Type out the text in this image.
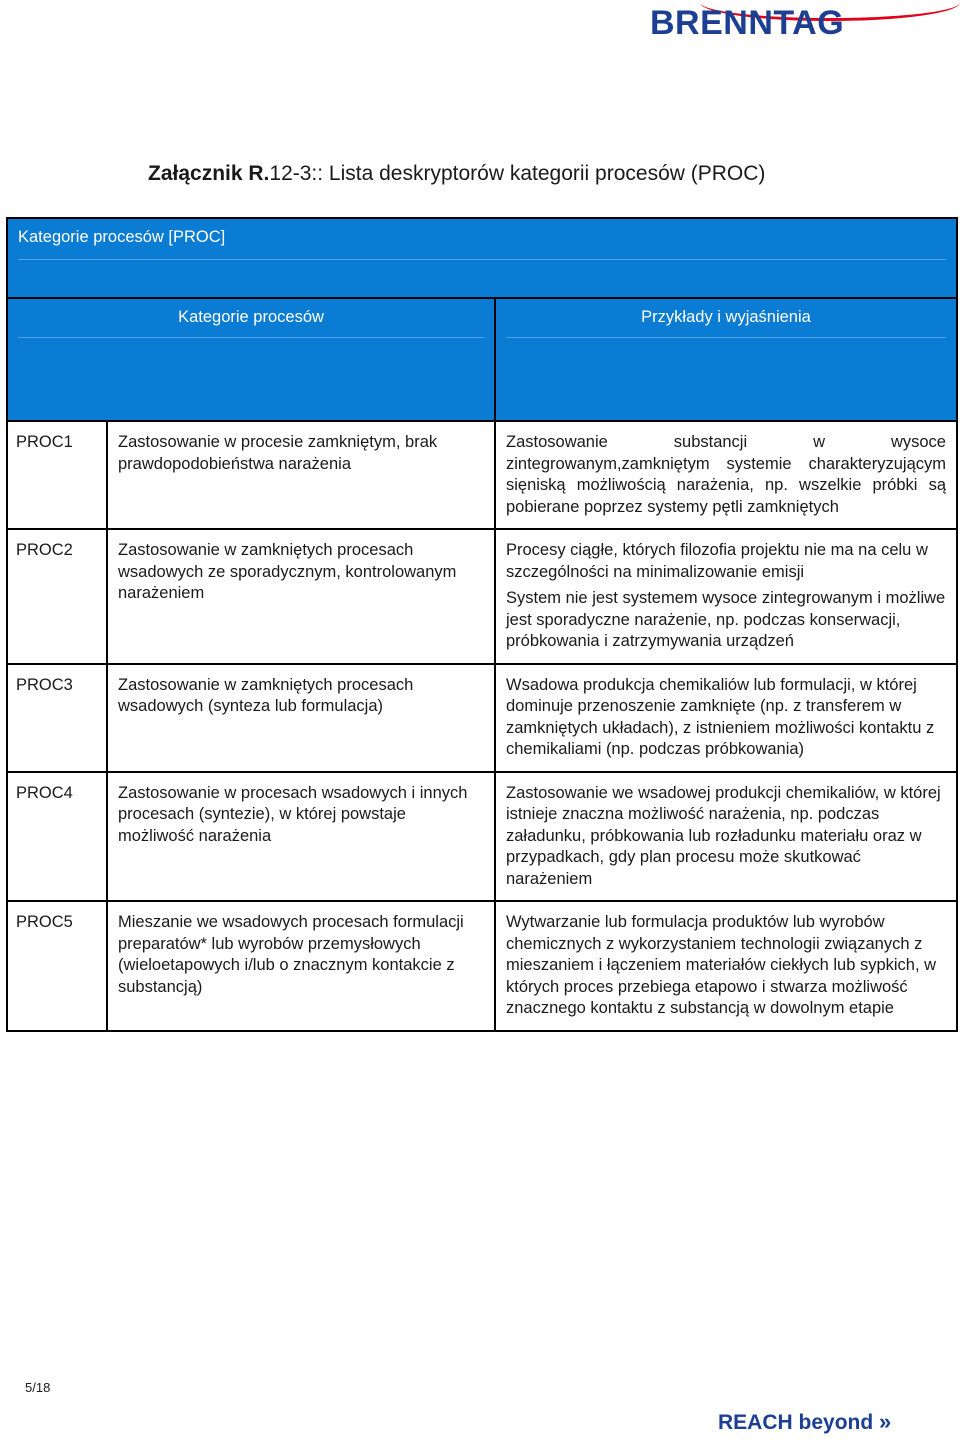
BRENNTAG
Załącznik R.12-3:: Lista deskryptorów kategorii procesów (PROC)
Kategorie procesów [PROC]		

Kategorie procesów		Przykłady i wyjaśnienia

PROC1	Zastosowanie w procesie zamkniętym, brak prawdopodobieństwa narażenia	Zastosowanie substancji w wysoce zintegrowanym,zamkniętym systemie charakteryzującym sięniską możliwością narażenia, np. wszelkie próbki są pobierane poprzez systemy pętli zamkniętych

PROC2	Zastosowanie w zamkniętych procesach wsadowych ze sporadycznym, kontrolowanym narażeniem	Procesy ciągłe, których filozofia projektu nie ma na celu w szczególności na minimalizowanie emisji
System nie jest systemem wysoce zintegrowanym i możliwe jest sporadyczne narażenie, np. podczas konserwacji, próbkowania i zatrzymywania urządzeń

PROC3	Zastosowanie w zamkniętych procesach wsadowych (synteza lub formulacja)	Wsadowa produkcja chemikaliów lub formulacji, w której dominuje przenoszenie zamknięte (np. z transferem w zamkniętych układach), z istnieniem możliwości kontaktu z chemikaliami (np. podczas próbkowania)

PROC4	Zastosowanie w procesach wsadowych i innych procesach (syntezie), w której powstaje możliwość narażenia	Zastosowanie we wsadowej produkcji chemikaliów, w której istnieje znaczna możliwość narażenia, np. podczas załadunku, próbkowania lub rozładunku materiału oraz w przypadkach, gdy plan procesu może skutkować narażeniem

PROC5	Mieszanie we wsadowych procesach formulacji preparatów* lub wyrobów przemysłowych (wieloetapowych i/lub o znacznym kontakcie z substancją)	Wytwarzanie lub formulacja produktów lub wyrobów chemicznych z wykorzystaniem technologii związanych z mieszaniem i łączeniem materiałów ciekłych lub sypkich, w których proces przebiega etapowo i stwarza możliwość znacznego kontaktu z substancją w dowolnym etapie
5/18
REACH beyond »
